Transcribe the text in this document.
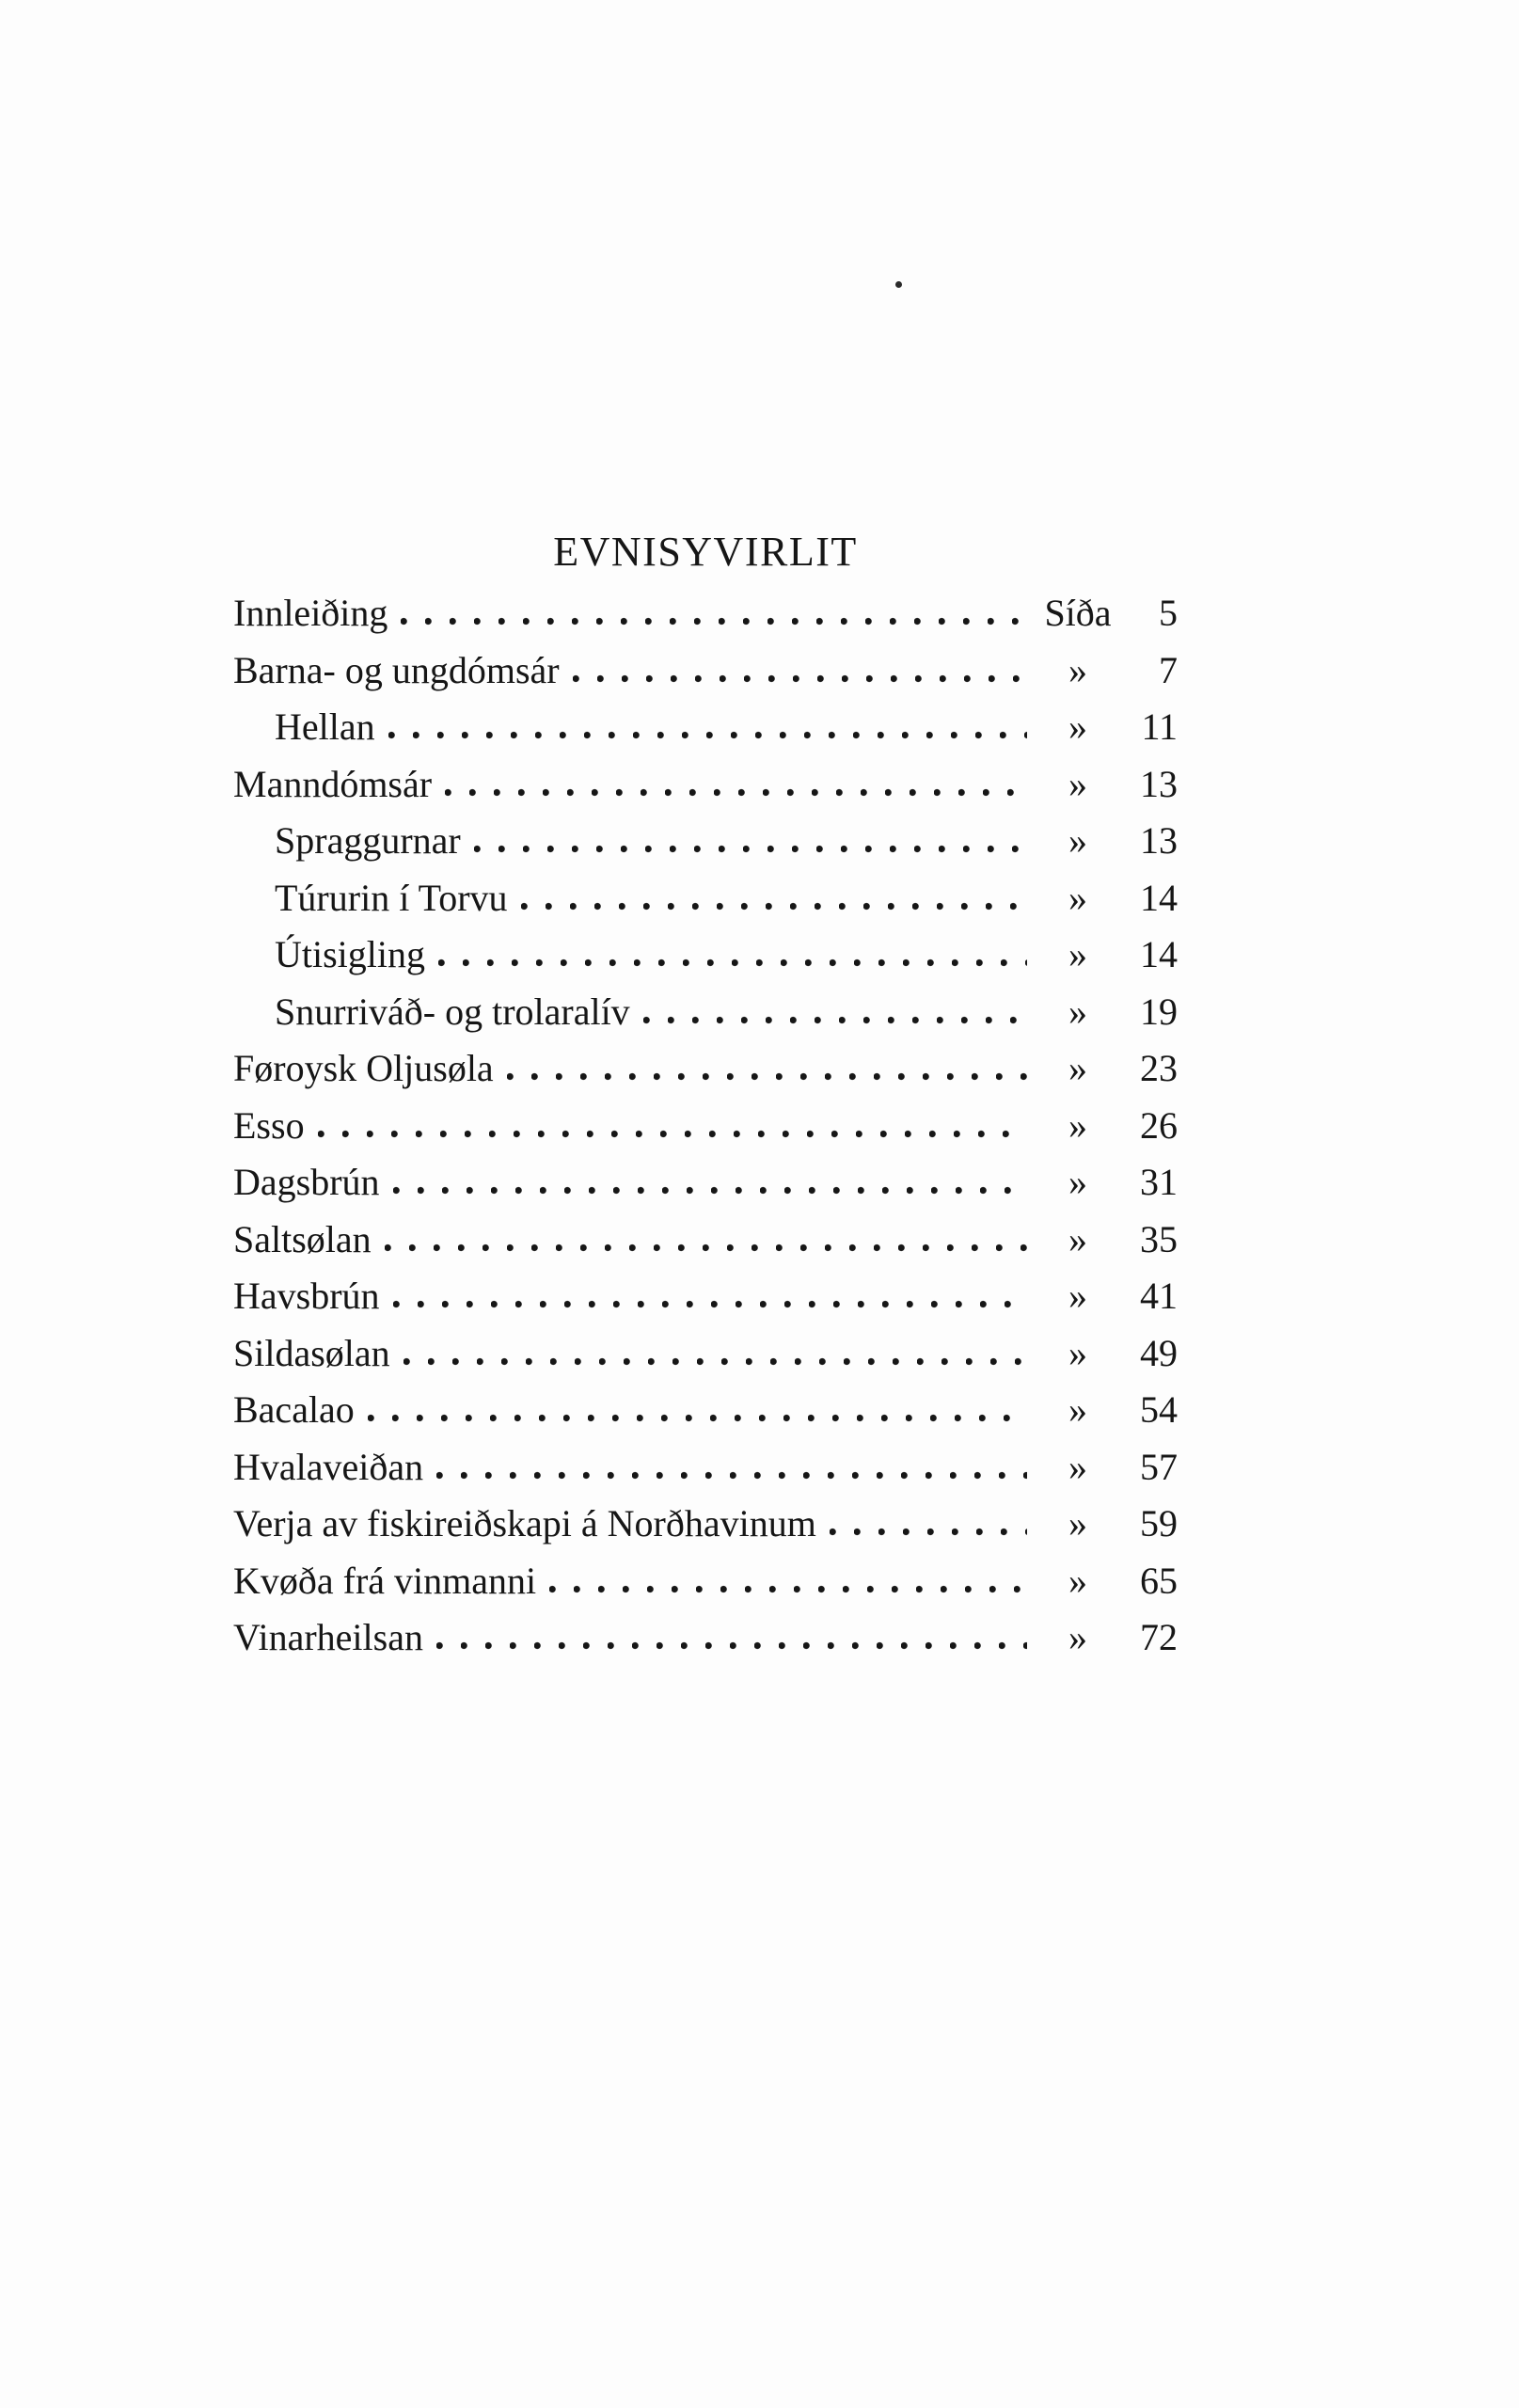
EVNISYVIRLIT
Innleiðing	Síða	5
Barna- og ungdómsár	»	7
Hellan	»	11
Manndómsár	»	13
Spraggurnar	»	13
Túrurin í Torvu	»	14
Útisigling	»	14
Snurriváð- og trolaralív	»	19
Føroysk Oljusøla	»	23
Esso	»	26
Dagsbrún	»	31
Saltsølan	»	35
Havsbrún	»	41
Sildasølan	»	49
Bacalao	»	54
Hvalaveiðan	»	57
Verja av fiskireiðskapi á Norðhavinum	»	59
Kvøða frá vinmanni	»	65
Vinarheilsan	»	72
